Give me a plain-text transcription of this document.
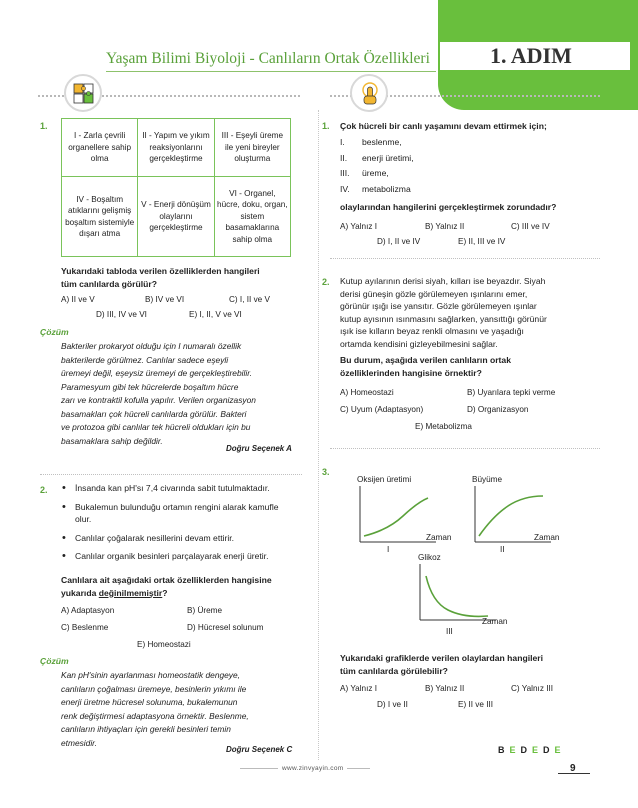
Yaşam Bilimi Biyoloji - Canlıların Ortak Özellikleri	1. ADIM
1.
I - Zarla çevrili organellere sahip olma	II - Yapım ve yıkım reaksiyonlarını gerçekleştirme	III - Eşeyli üreme ile yeni bireyler oluşturma
IV - Boşaltım atıklarını gelişmiş boşaltım sistemiyle dışarı atma	V - Enerji dönüşüm olaylarını gerçekleştirme	VI - Organel, hücre, doku, organ, sistem basamaklarına sahip olma
Yukarıdaki tabloda verilen özelliklerden hangileri
tüm canlılarda görülür?
A) II ve V	B) IV ve VI	C) I, II ve V
D) III, IV ve VI	E) I, II, V ve VI
Çözüm
Bakteriler prokaryot olduğu için I numaralı özellik
bakterilerde görülmez. Canlılar sadece eşeyli
üremeyi değil, eşeysiz üremeyi de gerçekleştirebilir.
Paramesyum gibi tek hücrelerde boşaltım hücre
zarı ve kontraktil kofulla yapılır. Verilen organizasyon
basamakları çok hücreli canlılarda görülür. Bakteri
ve protozoa gibi canlılar tek hücreli oldukları için bu
basamaklara sahip değildir.
Doğru Seçenek A
2.	• İnsanda kan pH'sı 7,4 civarında sabit tutulmaktadır.
• Bukalemun bulunduğu ortamın rengini alarak kamufle olur.
• Canlılar çoğalarak nesillerini devam ettirir.
• Canlılar organik besinleri parçalayarak enerji üretir.
Canlılara ait aşağıdaki ortak özelliklerden hangisine
yukarıda değinilmemiştir?
A) Adaptasyon	B) Üreme
C) Beslenme	D) Hücresel solunum
E) Homeostazi
Çözüm
Kan pH'sinin ayarlanması homeostatik dengeye,
canlıların çoğalması üremeye, besinlerin yıkımı ile
enerji üretme hücresel solunuma, bukalemunun
renk değiştirmesi adaptasyona örnektir. Beslenme,
canlıların ihtiyaçları için gerekli besinleri temin
etmesidir.
Doğru Seçenek C
1. Çok hücreli bir canlı yaşamını devam ettirmek için;
I. beslenme,
II. enerji üretimi,
III. üreme,
IV. metabolizma
olaylarından hangilerini gerçekleştirmek zorundadır?
A) Yalnız I	B) Yalnız II	C) III ve IV
D) I, II ve IV	E) II, III ve IV
2. Kutup ayılarının derisi siyah, kılları ise beyazdır. Siyah
derisi güneşin gözle görülemeyen ışınlarını emer,
görünür ışığı ise yansıtır. Gözle görülemeyen ışınlar
kutup ayısının ısınmasını sağlarken, yansıttığı görünür
ışık ise kılların beyaz renkli olmasını ve yaşadığı
ortamda kendisini gizleyebilmesini sağlar.
Bu durum, aşağıda verilen canlıların ortak
özelliklerinden hangisine örnektir?
A) Homeostazi	B) Uyarılara tepki verme
C) Uyum (Adaptasyon)	D) Organizasyon
E) Metabolizma
3.
Oksijen üretimi
Zaman
I
Büyüme
Zaman
II
Glikoz
Zaman
III
Yukarıdaki grafiklerde verilen olaylardan hangileri
tüm canlılarda görülebilir?
A) Yalnız I	B) Yalnız II	C) Yalnız III
D) I ve II	E) II ve III
B E D E D E
www.zinvyayin.com	9
